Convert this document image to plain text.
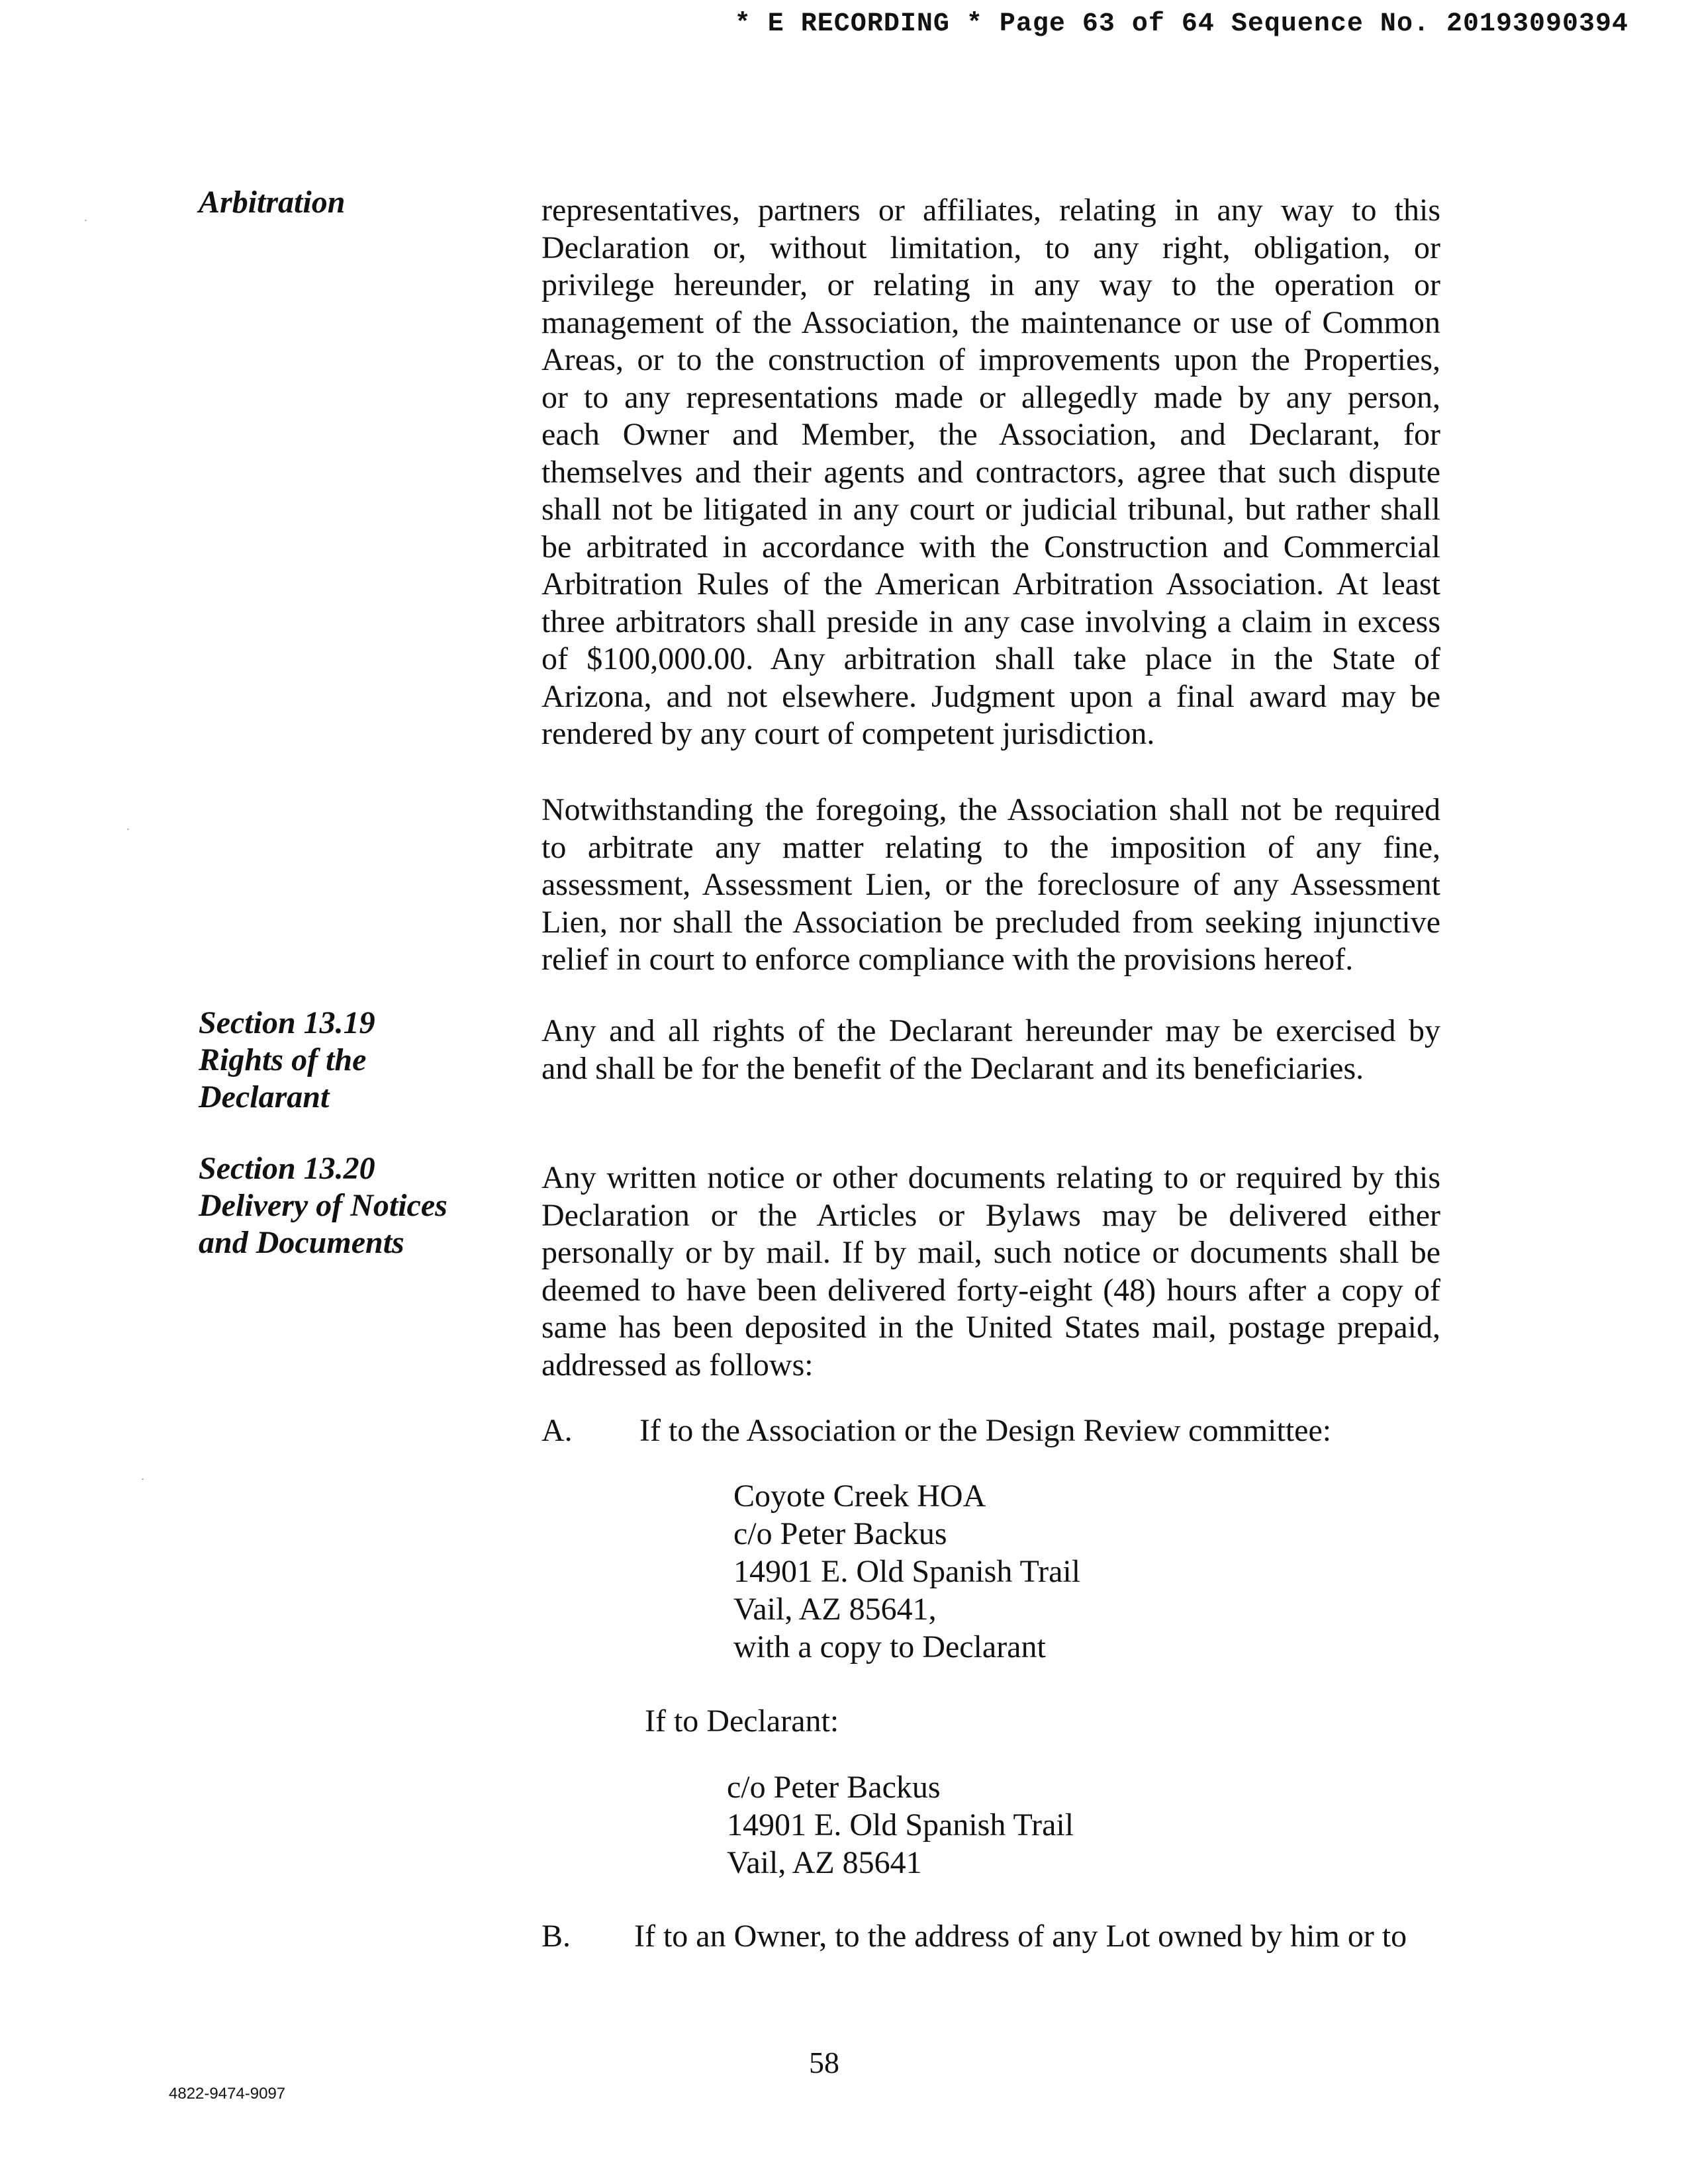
* E RECORDING * Page 63 of 64 Sequence No. 20193090394
Arbitration
Section 13.19
Rights of the
Declarant
Section 13.20
Delivery of Notices
and Documents
representatives, partners or affiliates, relating in any way to this
Declaration or, without limitation, to any right, obligation, or
privilege hereunder, or relating in any way to the operation or
management of the Association, the maintenance or use of Common
Areas, or to the construction of improvements upon the Properties,
or to any representations made or allegedly made by any person,
each Owner and Member, the Association, and Declarant, for
themselves and their agents and contractors, agree that such dispute
shall not be litigated in any court or judicial tribunal, but rather shall
be arbitrated in accordance with the Construction and Commercial
Arbitration Rules of the American Arbitration Association. At least
three arbitrators shall preside in any case involving a claim in excess
of $100,000.00. Any arbitration shall take place in the State of
Arizona, and not elsewhere. Judgment upon a final award may be
rendered by any court of competent jurisdiction.
Notwithstanding the foregoing, the Association shall not be required
to arbitrate any matter relating to the imposition of any fine,
assessment, Assessment Lien, or the foreclosure of any Assessment
Lien, nor shall the Association be precluded from seeking injunctive
relief in court to enforce compliance with the provisions hereof.
Any and all rights of the Declarant hereunder may be exercised by
and shall be for the benefit of the Declarant and its beneficiaries.
Any written notice or other documents relating to or required by this
Declaration or the Articles or Bylaws may be delivered either
personally or by mail. If by mail, such notice or documents shall be
deemed to have been delivered forty-eight (48) hours after a copy of
same has been deposited in the United States mail, postage prepaid,
addressed as follows:
A. If to the Association or the Design Review committee:
Coyote Creek HOA
c/o Peter Backus
14901 E. Old Spanish Trail
Vail, AZ 85641,
with a copy to Declarant
If to Declarant:
c/o Peter Backus
14901 E. Old Spanish Trail
Vail, AZ 85641
B. If to an Owner, to the address of any Lot owned by him or to
58
4822-9474-9097
